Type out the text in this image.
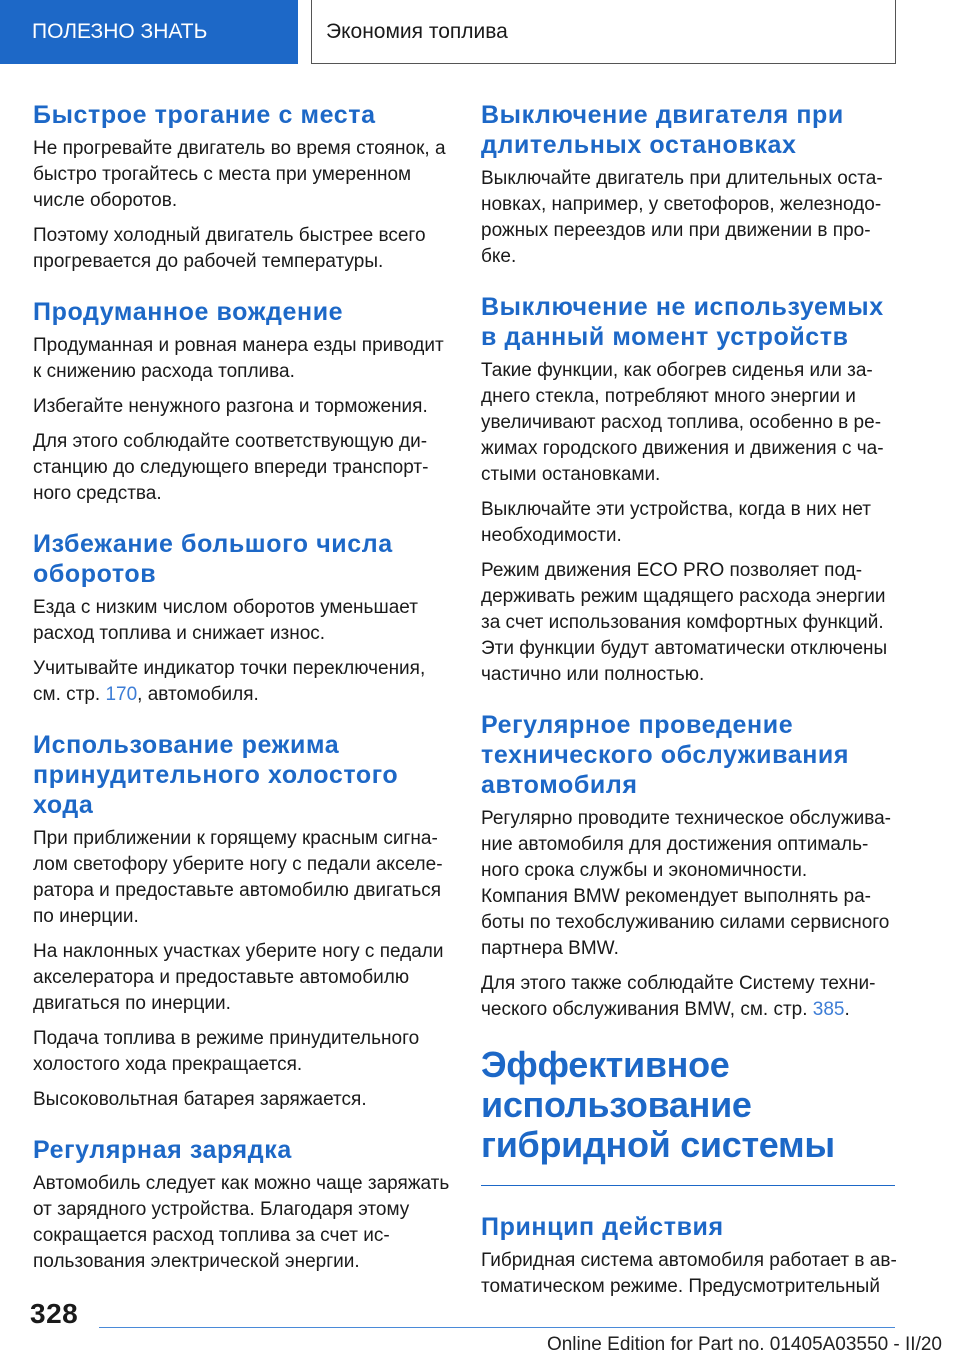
ПОЛЕЗНО ЗНАТЬ	Экономия топлива
Быстрое трогание с места

Не прогревайте двигатель во время стоянок, а быстро трогайтесь с места при умеренном числе оборотов.

Поэтому холодный двигатель быстрее всего прогревается до рабочей температуры.

Продуманное вождение

Продуманная и ровная манера езды приводит к снижению расхода топлива.

Избегайте ненужного разгона и торможения.

Для этого соблюдайте соответствующую дистанцию до следующего впереди транспортного средства.

Избежание большого числа оборотов

Езда с низким числом оборотов уменьшает расход топлива и снижает износ.

Учитывайте индикатор точки переключения, см. стр. 170, автомобиля.

Использование режима принудительного холостого хода

При приближении к горящему красным сигналом светофору уберите ногу с педали акселератора и предоставьте автомобилю двигаться по инерции.

На наклонных участках уберите ногу с педали акселератора и предоставьте автомобилю двигаться по инерции.

Подача топлива в режиме принудительного холостого хода прекращается.

Высоковольтная батарея заряжается.

Регулярная зарядка

Автомобиль следует как можно чаще заряжать от зарядного устройства. Благодаря этому сокращается расход топлива за счет использования электрической энергии.

Выключение двигателя при длительных остановках

Выключайте двигатель при длительных остановках, например, у светофоров, железнодорожных переездов или при движении в пробке.

Выключение не используемых в данный момент устройств

Такие функции, как обогрев сиденья или заднего стекла, потребляют много энергии и увеличивают расход топлива, особенно в режимах городского движения и движения с частыми остановками.

Выключайте эти устройства, когда в них нет необходимости.

Режим движения ECO PRO позволяет поддерживать режим щадящего расхода энергии за счет использования комфортных функций. Эти функции будут автоматически отключены частично или полностью.

Регулярное проведение технического обслуживания автомобиля

Регулярно проводите техническое обслуживание автомобиля для достижения оптимального срока службы и экономичности. Компания BMW рекомендует выполнять работы по техобслуживанию силами сервисного партнера BMW.

Для этого также соблюдайте Систему технического обслуживания BMW, см. стр. 385.

Эффективное использование гибридной системы
Принцип действия

Гибридная система автомобиля работает в автоматическом режиме. Предусмотрительный

328
Online Edition for Part no. 01405A03550 - II/20
